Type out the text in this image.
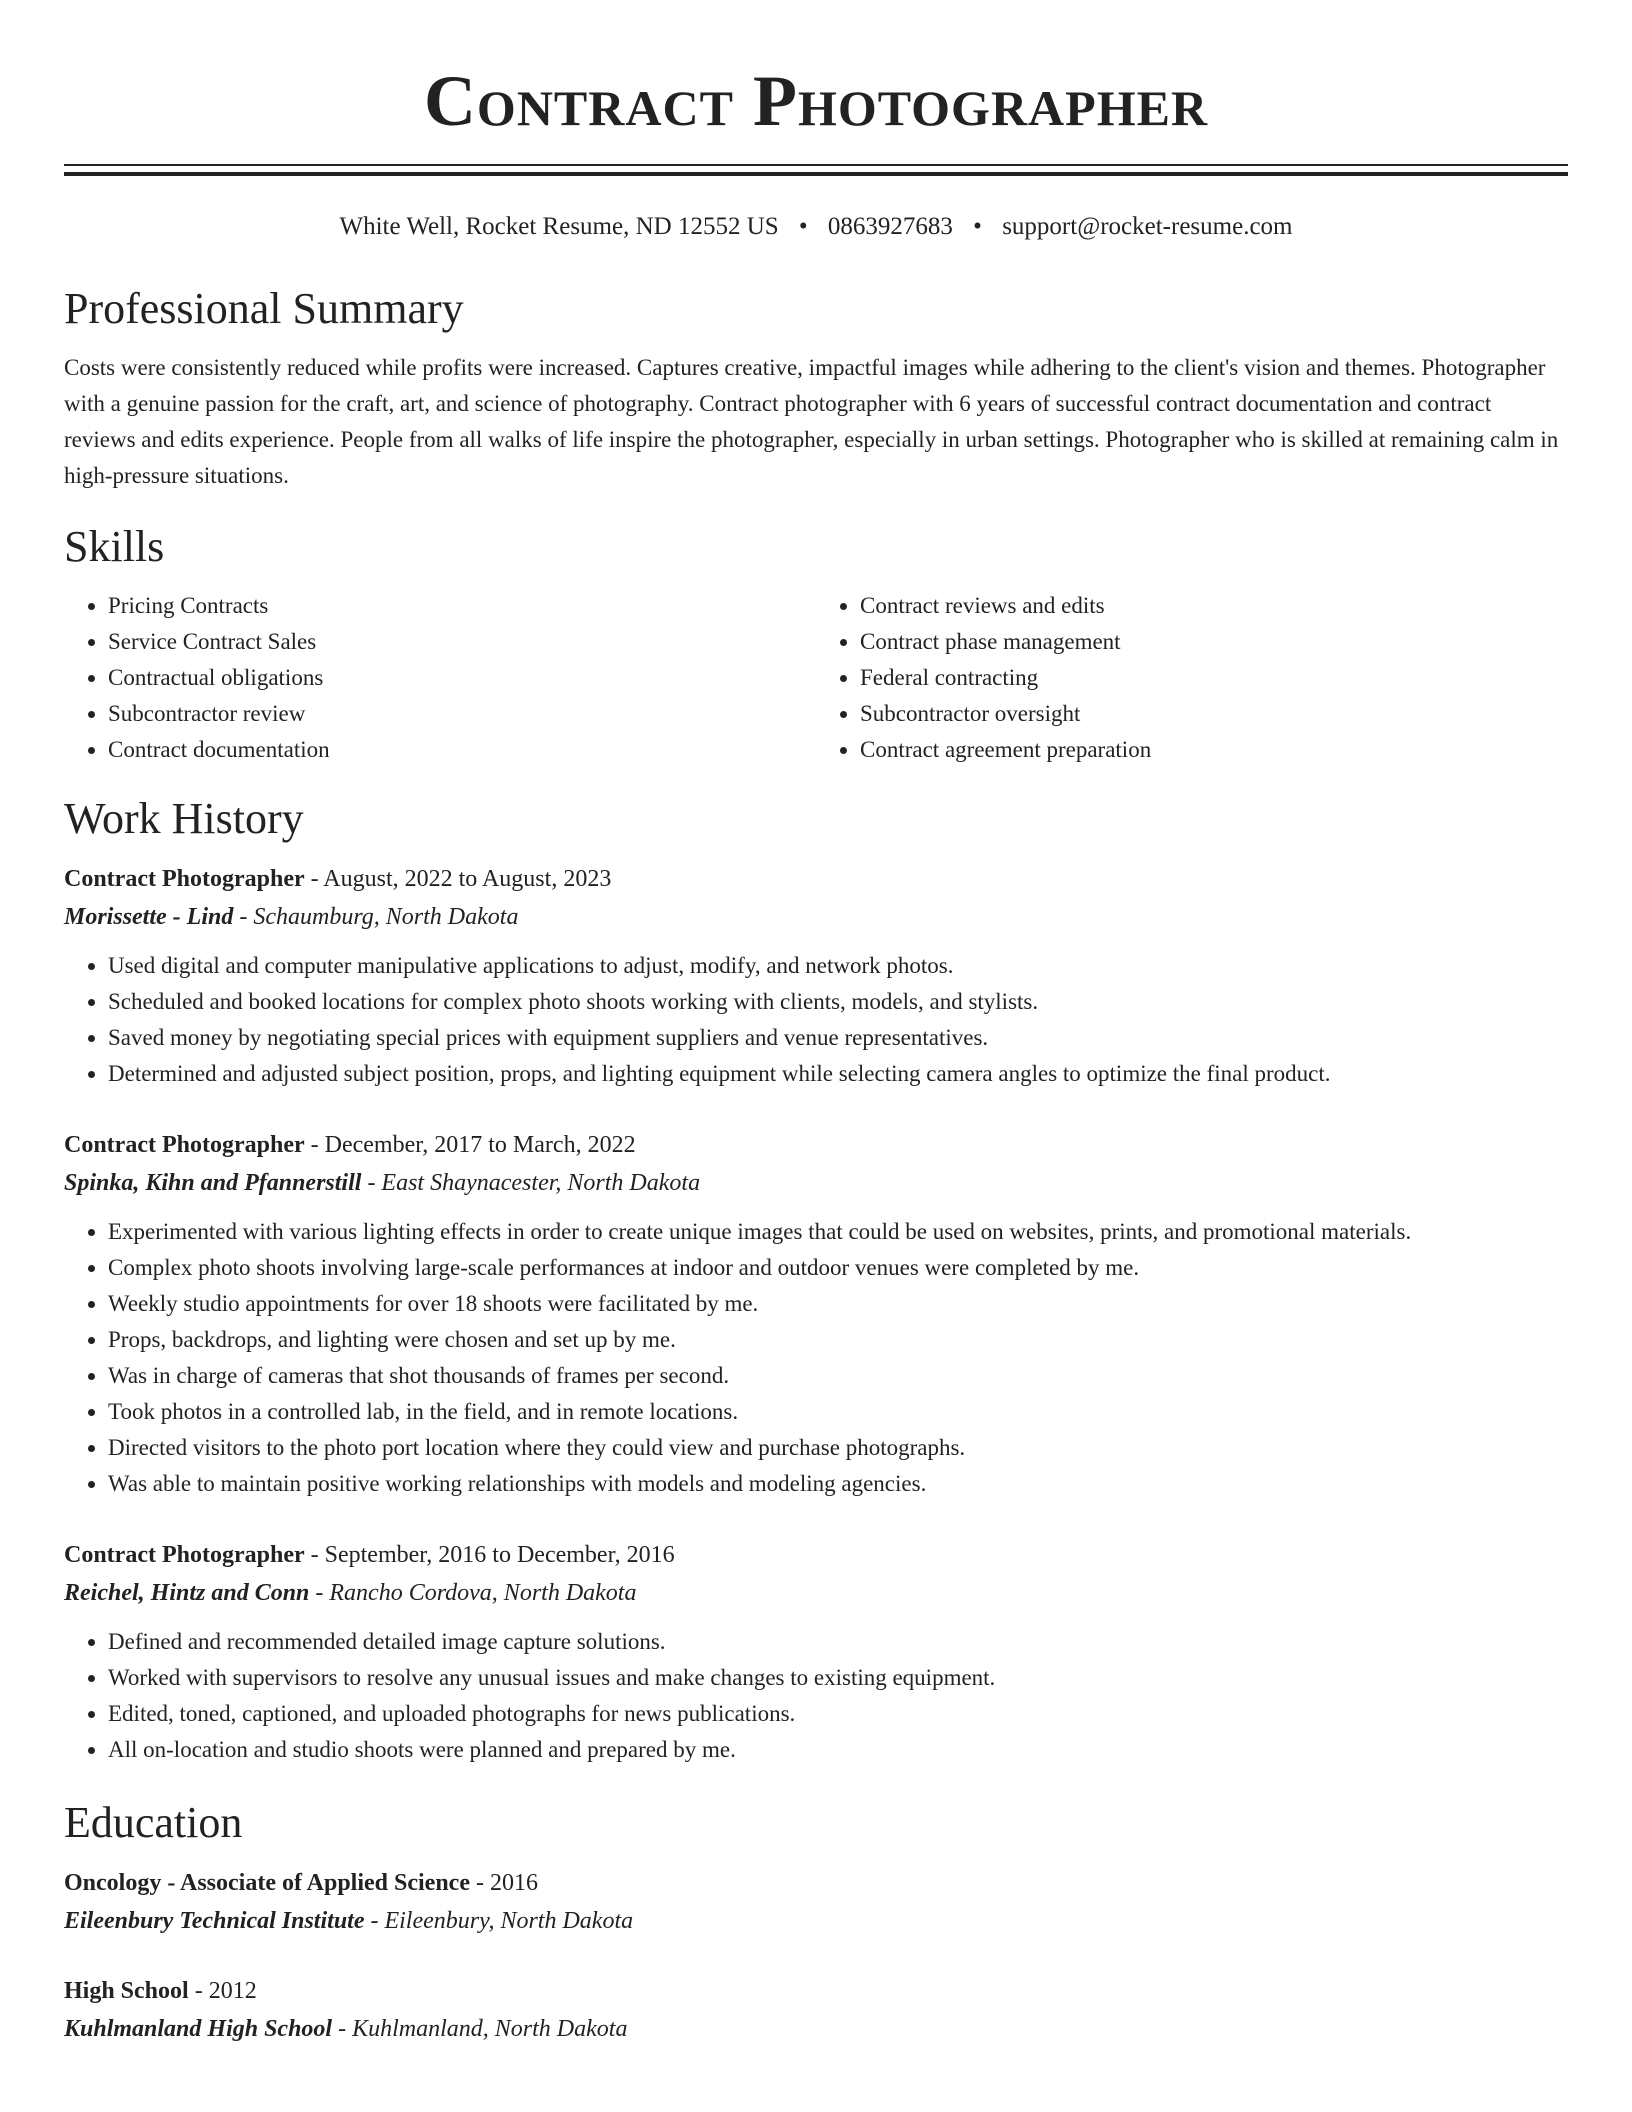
Contract Photographer
White Well, Rocket Resume, ND 12552 US • 0863927683 • support@rocket-resume.com
Professional Summary
Costs were consistently reduced while profits were increased. Captures creative, impactful images while adhering to the client's vision and themes. Photographer with a genuine passion for the craft, art, and science of photography. Contract photographer with 6 years of successful contract documentation and contract reviews and edits experience. People from all walks of life inspire the photographer, especially in urban settings. Photographer who is skilled at remaining calm in high-pressure situations.
Skills
• Pricing Contracts
• Service Contract Sales
• Contractual obligations
• Subcontractor review
• Contract documentation
• Contract reviews and edits
• Contract phase management
• Federal contracting
• Subcontractor oversight
• Contract agreement preparation
Work History
Contract Photographer - August, 2022 to August, 2023
Morissette - Lind - Schaumburg, North Dakota
• Used digital and computer manipulative applications to adjust, modify, and network photos.
• Scheduled and booked locations for complex photo shoots working with clients, models, and stylists.
• Saved money by negotiating special prices with equipment suppliers and venue representatives.
• Determined and adjusted subject position, props, and lighting equipment while selecting camera angles to optimize the final product.
Contract Photographer - December, 2017 to March, 2022
Spinka, Kihn and Pfannerstill - East Shaynacester, North Dakota
• Experimented with various lighting effects in order to create unique images that could be used on websites, prints, and promotional materials.
• Complex photo shoots involving large-scale performances at indoor and outdoor venues were completed by me.
• Weekly studio appointments for over 18 shoots were facilitated by me.
• Props, backdrops, and lighting were chosen and set up by me.
• Was in charge of cameras that shot thousands of frames per second.
• Took photos in a controlled lab, in the field, and in remote locations.
• Directed visitors to the photo port location where they could view and purchase photographs.
• Was able to maintain positive working relationships with models and modeling agencies.
Contract Photographer - September, 2016 to December, 2016
Reichel, Hintz and Conn - Rancho Cordova, North Dakota
• Defined and recommended detailed image capture solutions.
• Worked with supervisors to resolve any unusual issues and make changes to existing equipment.
• Edited, toned, captioned, and uploaded photographs for news publications.
• All on-location and studio shoots were planned and prepared by me.
Education
Oncology - Associate of Applied Science - 2016
Eileenbury Technical Institute - Eileenbury, North Dakota
High School - 2012
Kuhlmanland High School - Kuhlmanland, North Dakota
